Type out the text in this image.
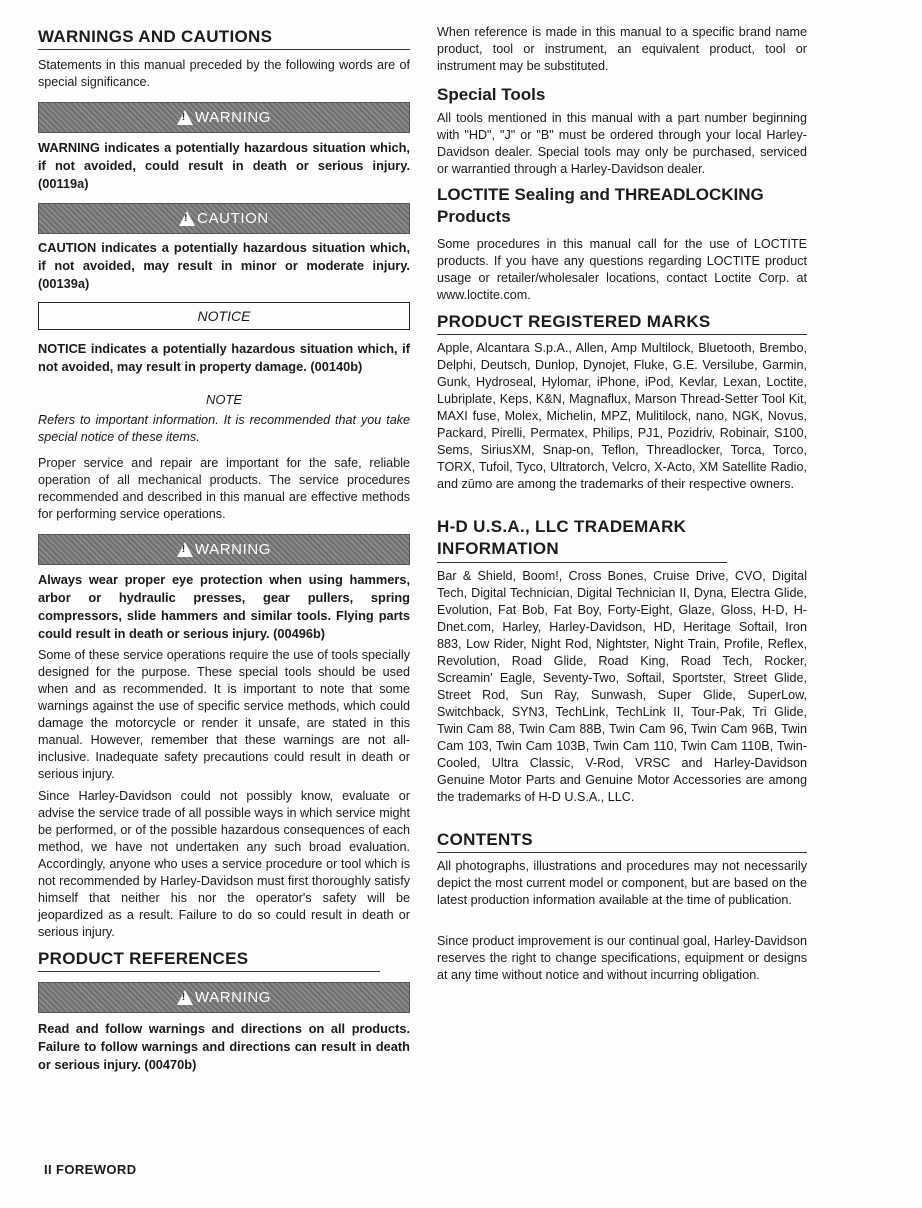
WARNINGS AND CAUTIONS

Statements in this manual preceded by the following words are of special significance.

!
WARNING

WARNING indicates a potentially hazardous situation which, if not avoided, could result in death or serious injury. (00119a)

!
CAUTION

CAUTION indicates a potentially hazardous situation which, if not avoided, may result in minor or moderate injury. (00139a)

NOTICE

NOTICE indicates a potentially hazardous situation which, if not avoided, may result in property damage. (00140b)

NOTE

Refers to important information. It is recommended that you take special notice of these items.

Proper service and repair are important for the safe, reliable operation of all mechanical products. The service procedures recommended and described in this manual are effective methods for performing service operations.

!
WARNING

Always wear proper eye protection when using hammers, arbor or hydraulic presses, gear pullers, spring compressors, slide hammers and similar tools. Flying parts could result in death or serious injury. (00496b)

Some of these service operations require the use of tools specially designed for the purpose. These special tools should be used when and as recommended. It is important to note that some warnings against the use of specific service methods, which could damage the motorcycle or render it unsafe, are stated in this manual. However, remember that these warnings are not all-inclusive. Inadequate safety precautions could result in death or serious injury.

Since Harley-Davidson could not possibly know, evaluate or advise the service trade of all possible ways in which service might be performed, or of the possible hazardous consequences of each method, we have not undertaken any such broad evaluation. Accordingly, anyone who uses a service procedure or tool which is not recommended by Harley-Davidson must first thoroughly satisfy himself that neither his nor the operator's safety will be jeopardized as a result. Failure to do so could result in death or serious injury.

PRODUCT REFERENCES
!
WARNING

Read and follow warnings and directions on all products. Failure to follow warnings and directions can result in death or serious injury. (00470b)

When reference is made in this manual to a specific brand name product, tool or instrument, an equivalent product, tool or instrument may be substituted.

Special Tools

All tools mentioned in this manual with a part number beginning with "HD", "J" or "B" must be ordered through your local Harley-Davidson dealer. Special tools may only be purchased, serviced or warrantied through a Harley-Davidson dealer.

LOCTITE Sealing and THREADLOCKING Products

Some procedures in this manual call for the use of LOCTITE products. If you have any questions regarding LOCTITE product usage or retailer/wholesaler locations, contact Loctite Corp. at www.loctite.com.

PRODUCT REGISTERED MARKS

Apple, Alcantara S.p.A., Allen, Amp Multilock, Bluetooth, Brembo, Delphi, Deutsch, Dunlop, Dynojet, Fluke, G.E. Versilube, Garmin, Gunk, Hydroseal, Hylomar, iPhone, iPod, Kevlar, Lexan, Loctite, Lubriplate, Keps, K&N, Magnaflux, Marson Thread-Setter Tool Kit, MAXI fuse, Molex, Michelin, MPZ, Mulitilock, nano, NGK, Novus, Packard, Pirelli, Permatex, Philips, PJ1, Pozidriv, Robinair, S100, Sems, SiriusXM, Snap-on, Teflon, Threadlocker, Torca, Torco, TORX, Tufoil, Tyco, Ultratorch, Velcro, X-Acto, XM Satellite Radio, and zūmo are among the trademarks of their respective owners.

H-D U.S.A., LLC TRADEMARK INFORMATION

Bar & Shield, Boom!, Cross Bones, Cruise Drive, CVO, Digital Tech, Digital Technician, Digital Technician II, Dyna, Electra Glide, Evolution, Fat Bob, Fat Boy, Forty-Eight, Glaze, Gloss, H-D, H-Dnet.com, Harley, Harley-Davidson, HD, Heritage Softail, Iron 883, Low Rider, Night Rod, Nightster, Night Train, Profile, Reflex, Revolution, Road Glide, Road King, Road Tech, Rocker, Screamin' Eagle, Seventy-Two, Softail, Sportster, Street Glide, Street Rod, Sun Ray, Sunwash, Super Glide, SuperLow, Switchback, SYN3, TechLink, TechLink II, Tour-Pak, Tri Glide, Twin Cam 88, Twin Cam 88B, Twin Cam 96, Twin Cam 96B, Twin Cam 103, Twin Cam 103B, Twin Cam 110, Twin Cam 110B, Twin-Cooled, Ultra Classic, V-Rod, VRSC and Harley-Davidson Genuine Motor Parts and Genuine Motor Accessories are among the trademarks of H-D U.S.A., LLC.

CONTENTS

All photographs, illustrations and procedures may not necessarily depict the most current model or component, but are based on the latest production information available at the time of publication.

Since product improvement is our continual goal, Harley-Davidson reserves the right to change specifications, equipment or designs at any time without notice and without incurring obligation.

II FOREWORD
